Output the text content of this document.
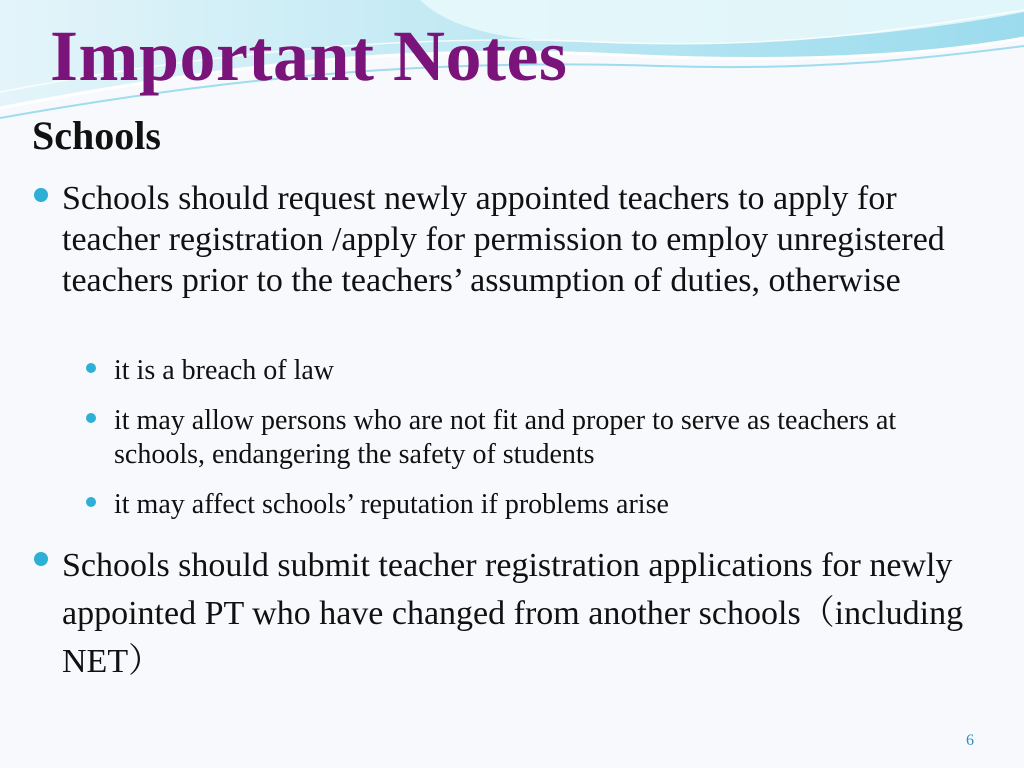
Important Notes
Schools
Schools should request newly appointed teachers to apply for teacher registration /apply for permission to employ unregistered teachers prior to the teachers’ assumption of duties, otherwise
it is a breach of law
it may allow persons who are not fit and proper to serve as teachers at schools, endangering the safety of students
it may affect schools’ reputation if problems arise
Schools should submit teacher registration applications for newly appointed PT who have changed from another schools（including NET）
6
